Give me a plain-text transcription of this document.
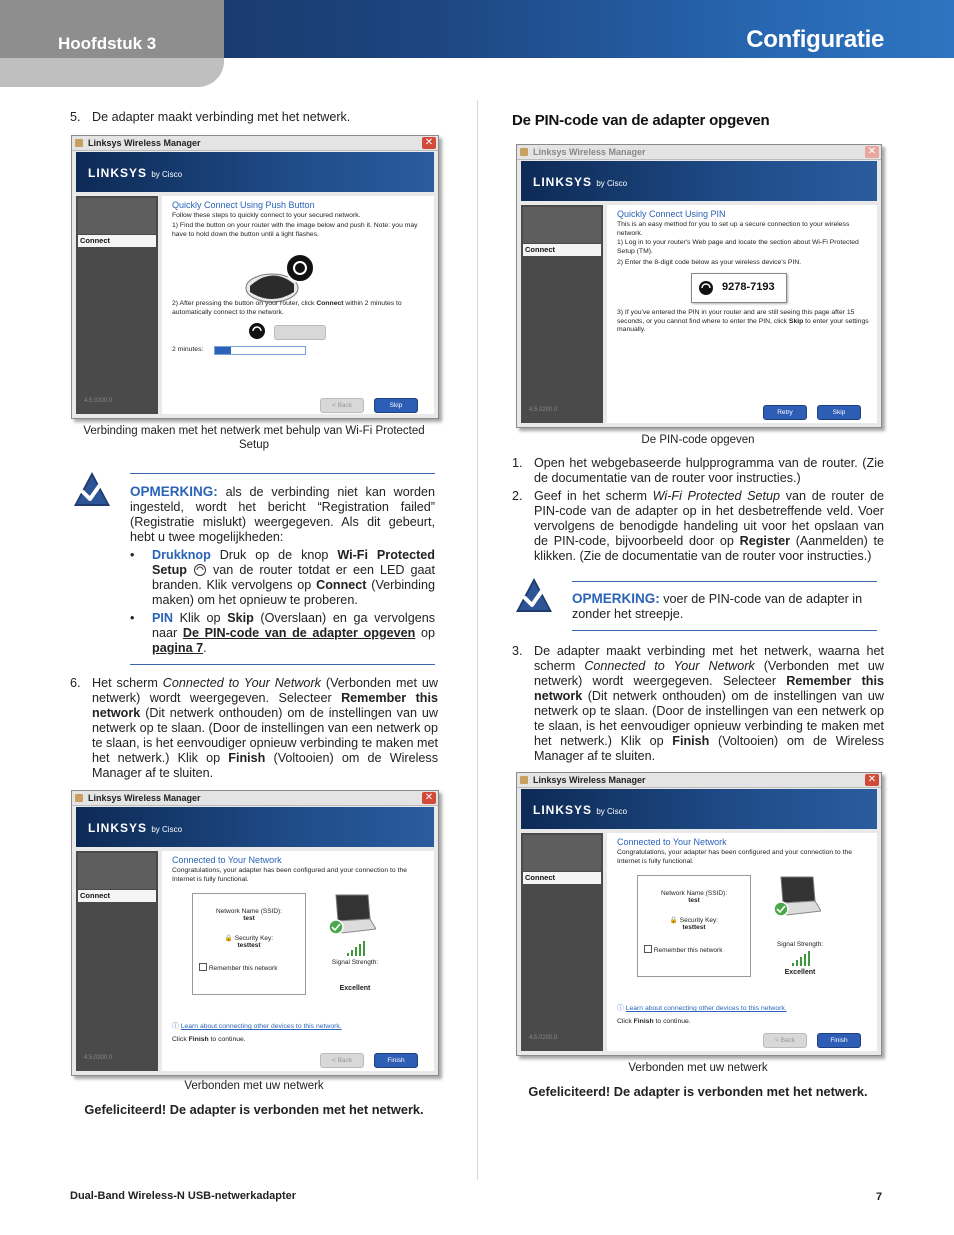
Hoofdstuk 3	Configuratie
5. De adapter maakt verbinding met het netwerk.

Linksys Wireless Manager	✕
LINKSYS by Cisco
Connect
4.5.0200.0
Quickly Connect Using Push Button
Follow these steps to quickly connect to your secured network.
1) Find the button on your router with the image below and push it. Note: you may have to hold down the button until a light flashes.
2) After pressing the button on your router, click Connect within 2 minutes to automatically connect to the network.
2 minutes:
< Back	Skip
Verbinding maken met het netwerk met behulp van Wi-Fi Protected Setup

OPMERKING: als de verbinding niet kan worden ingesteld, wordt het bericht “Registration failed” (Registratie mislukt) weergegeven. Als dit gebeurt, hebt u twee mogelijkheden:

• Drukknop Druk op de knop Wi-Fi Protected Setup  van de router totdat er een LED gaat branden. Klik vervolgens op Connect (Verbinding maken) om het opnieuw te proberen.

• PIN Klik op Skip (Overslaan) en ga vervolgens naar De PIN-code van de adapter opgeven op pagina 7.

6. Het scherm Connected to Your Network (Verbonden met uw netwerk) wordt weergegeven. Selecteer Remember this network (Dit netwerk onthouden) om de instellingen van uw netwerk op te slaan. (Door de instellingen van een netwerk op te slaan, is het eenvoudiger opnieuw verbinding te maken met het netwerk.) Klik op Finish (Voltooien) om de Wireless Manager af te sluiten.

Linksys Wireless Manager	✕
LINKSYS by Cisco
Connect
4.5.0200.0
Connected to Your Network
Congratulations, your adapter has been configured and your connection to the Internet is fully functional.
Network Name (SSID):
test
🔒 Security Key:
testtest
Remember this network
Signal Strength:
Excellent
ⓘ Learn about connecting other devices to this network.
Click Finish to continue.
< Back	Finish
Verbonden met uw netwerk
Gefeliciteerd! De adapter is verbonden met het netwerk.
De PIN-code van de adapter opgeven
Linksys Wireless Manager	✕
LINKSYS by Cisco
Connect
4.5.0200.0
Quickly Connect Using PIN
This is an easy method for you to set up a secure connection to your wireless network.
1) Log in to your router's Web page and locate the section about Wi-Fi Protected Setup (TM).
2) Enter the 8-digit code below as your wireless device's PIN.
9278-7193
3) If you've entered the PIN in your router and are still seeing this page after 15 seconds, or you cannot find where to enter the PIN, click Skip to enter your settings manually.
Retry	Skip
De PIN-code opgeven
1. Open het webgebaseerde hulpprogramma van de router. (Zie de documentatie van de router voor instructies.)

2. Geef in het scherm Wi-Fi Protected Setup van de router de PIN-code van de adapter op in het desbetreffende veld. Voer vervolgens de benodigde handeling uit voor het opslaan van de PIN-code, bijvoorbeeld door op Register (Aanmelden) te klikken. (Zie de documentatie van de router voor instructies.)

OPMERKING: voer de PIN-code van de adapter in zonder het streepje.

3. De adapter maakt verbinding met het netwerk, waarna het scherm Connected to Your Network (Verbonden met uw netwerk) wordt weergegeven. Selecteer Remember this network (Dit netwerk onthouden) om de instellingen van uw netwerk op te slaan. (Door de instellingen van een netwerk op te slaan, is het eenvoudiger opnieuw verbinding te maken met het netwerk.) Klik op Finish (Voltooien) om de Wireless Manager af te sluiten.

Linksys Wireless Manager	✕
LINKSYS by Cisco
Connect
4.5.0200.0
Connected to Your Network
Congratulations, your adapter has been configured and your connection to the Internet is fully functional.
Network Name (SSID):
test
🔒 Security Key:
testtest
Remember this network
Signal Strength:
Excellent
ⓘ Learn about connecting other devices to this network.
Click Finish to continue.
< Back	Finish
Verbonden met uw netwerk
Gefeliciteerd! De adapter is verbonden met het netwerk.
Dual-Band Wireless-N USB-netwerkadapter	7
